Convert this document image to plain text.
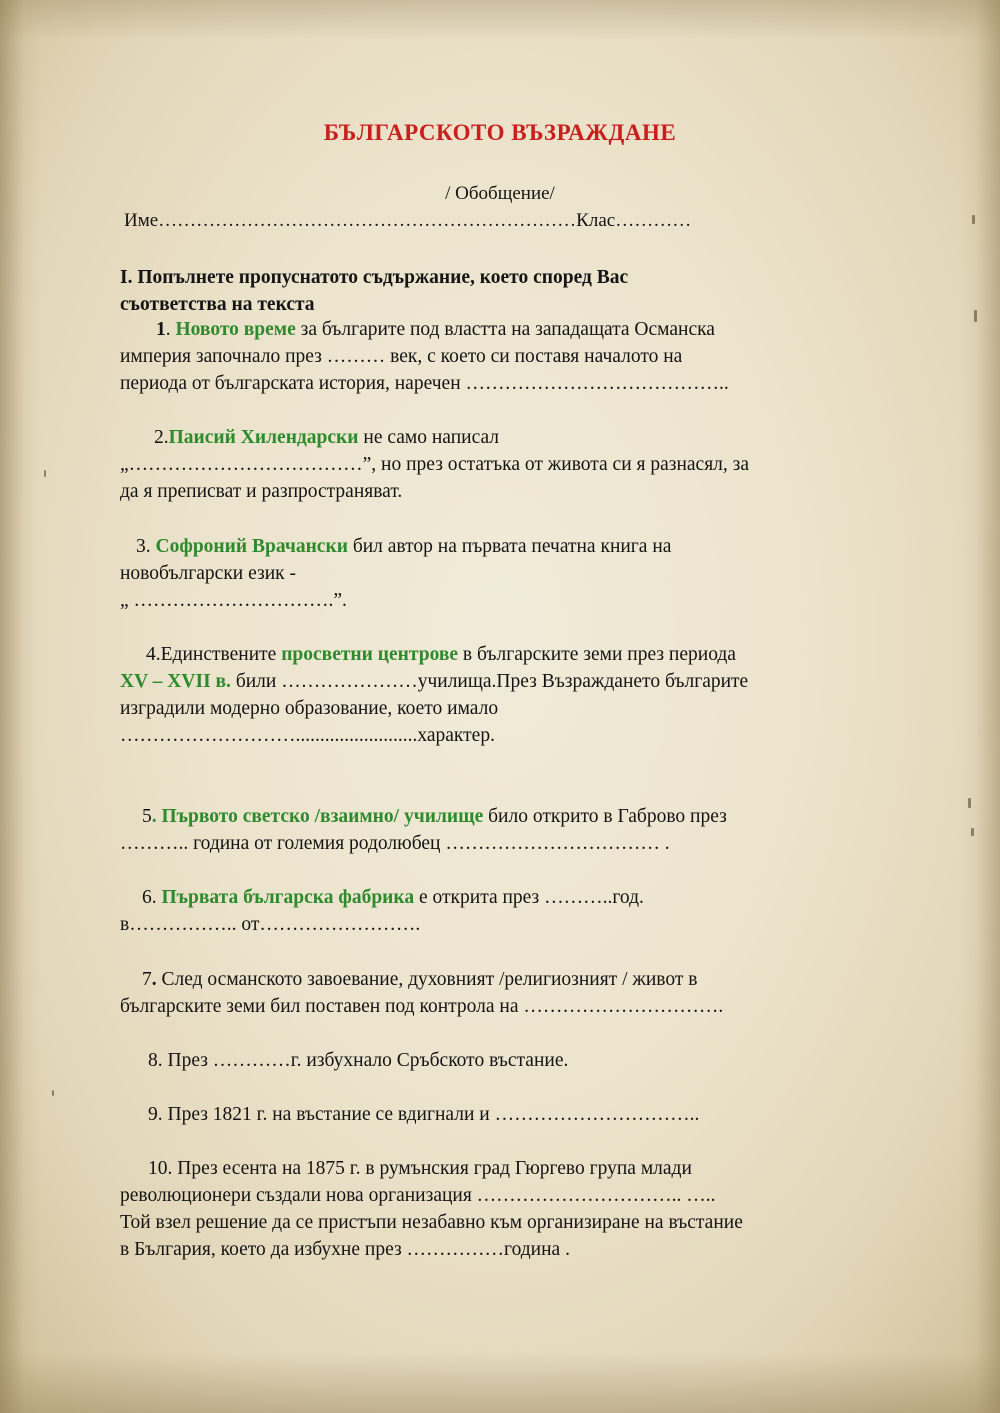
БЪЛГАРСКОТО ВЪЗРАЖДАНЕ
/ Обобщение/
Име…………………………………………………………Клас…………
I. Попълнете пропуснатото съдържание, което според Вас
съответства на текста
1. Новото време за българите под властта на западащата Османска
империя започнало през ……… век, с което си поставя началото на
периода от българската история, наречен …………………………………..
2.Паисий Хилендарски не само написал
„………………………………”, но през остатъка от живота си я разнасял, за
да я преписват и разпространяват.
3. Софроний Врачански бил автор на първата печатна книга на
новобългарски език -
„ ………………………….”.
4.Единствените просветни центрове в българските земи през периода
XV – XVII в. били …………………училища.През Възраждането българите
изградили модерно образование, което имало
……………………….........................характер.
5. Първото светско /взаимно/ училище било открито в Габрово през
……….. година от големия родолюбец …………………………… .
6. Първата българска фабрика е открита през ………..год.
в…………….. от…………………….
7. След османското завоевание, духовният /религиозният / живот в
българските земи бил поставен под контрола на ………………………….
8. През …………г. избухнало Сръбското въстание.
9. През 1821 г. на въстание се вдигнали и …………………………..
10. През есента на 1875 г. в румънския град Гюргево група млади
революционери създали нова организация ………………………….. …..
Той взел решение да се пристъпи незабавно към организиране на въстание
в България, което да избухне през ……………година .
